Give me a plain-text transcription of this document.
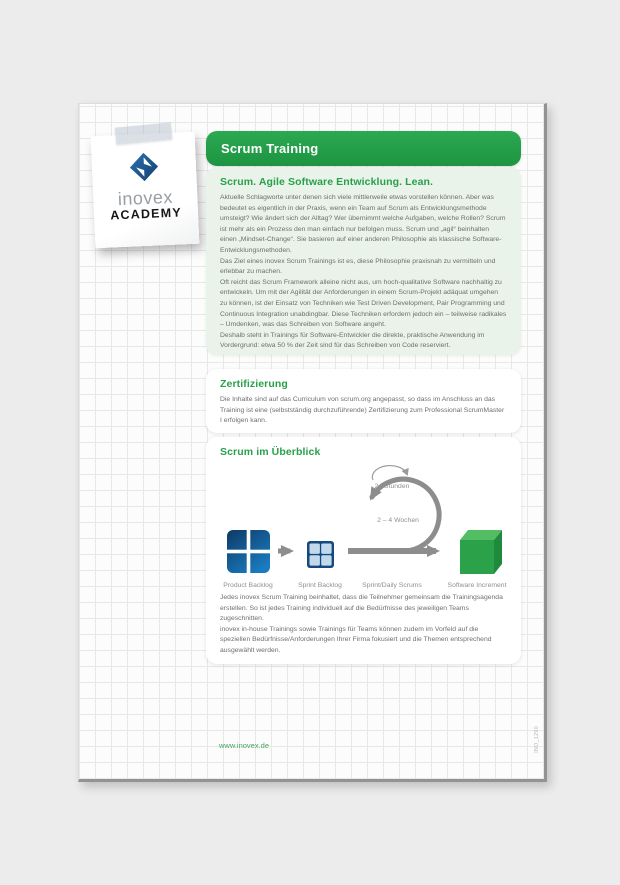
inovex
ACADEMY
Scrum Training
Scrum. Agile Software Entwicklung. Lean.

Aktuelle Schlagworte unter denen sich viele mittlerweile etwas vorstellen können. Aber was bedeutet es eigentlich in der Praxis, wenn ein Team auf Scrum als Entwicklungsmethode umsteigt? Wie ändert sich der Alltag? Wer übernimmt welche Aufgaben, welche Rollen? Scrum ist mehr als ein Prozess den man einfach nur befolgen muss. Scrum und „agil“ beinhalten einen „Mindset-Change“. Sie basieren auf einer anderen Philosophie als klassische Software-Entwicklungsmethoden.

Das Ziel eines inovex Scrum Trainings ist es, diese Philosophie praxisnah zu vermitteln und erlebbar zu machen.

Oft reicht das Scrum Framework alleine nicht aus, um hoch-qualitative Software nachhaltig zu entwickeln. Um mit der Agilität der Anforderungen in einem Scrum-Projekt adäquat umgehen zu können, ist der Einsatz von Techniken wie Test Driven Development, Pair Programming und Continuous Integration unabdingbar. Diese Techniken erfordern jedoch ein – teilweise radikales – Umdenken, was das Schreiben von Software angeht.

Deshalb steht in Trainings für Software-Entwickler die direkte, praktische Anwendung im Vordergrund: etwa 50 % der Zeit sind für das Schreiben von Code reserviert.

Zertifizierung

Die Inhalte sind auf das Curriculum von scrum.org angepasst, so dass im Anschluss an das Training ist eine (selbstständig durchzuführende) Zertifizierung zum Professional ScrumMaster I erfolgen kann.

Scrum im Überblick
24 Stunden
2 – 4 Wochen
Product Backlog	Sprint Backlog	Sprint/Daily Scrums	Software Increment

Jedes inovex Scrum Training beinhaltet, dass die Teilnehmer gemeinsam die Trainingsagenda erstellen. So ist jedes Training individuell auf die Bedürfnisse des jeweiligen Teams zugeschnitten.

inovex in-house Trainings sowie Trainings für Teams können zudem im Vorfeld auf die speziellen Bedürfnisse/Anforderungen Ihrer Firma fokusiert und die Themen entsprechend ausgewählt werden.

www.inovex.de	INO_1290
